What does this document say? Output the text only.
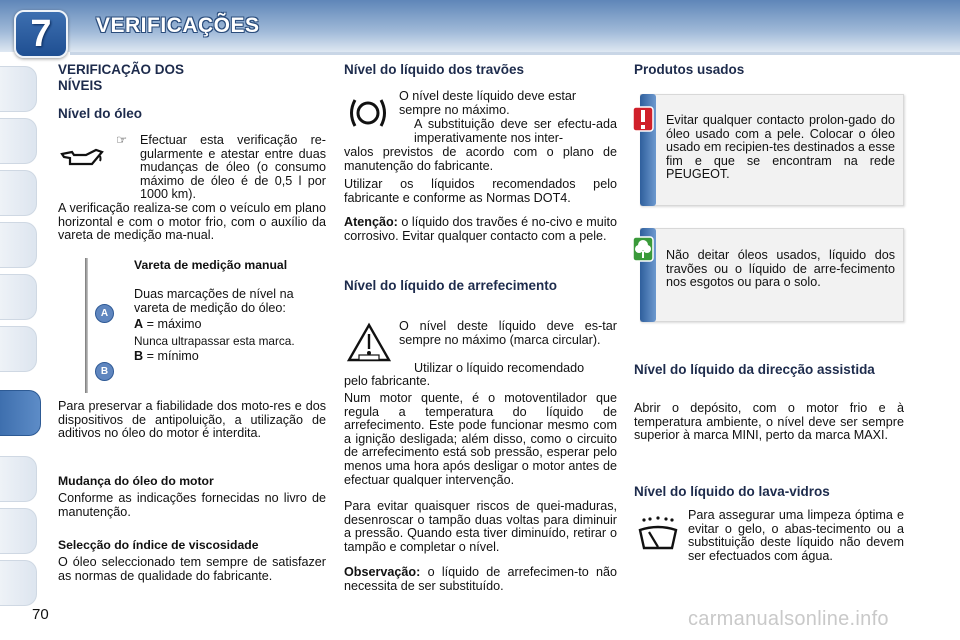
7	VERIFICAÇÕES
VERIFICAÇÃO DOS
NÍVEIS
Nível do óleo
☞ Efectuar esta verificação re-gularmente e atestar entre duas mudanças de óleo (o consumo máximo de óleo é de 0,5 l por 1000 km).
A verificação realiza-se com o veículo em plano horizontal e com o motor frio, com o auxílio da vareta de medição ma-nual.
A
B
Vareta de medição manual
Duas marcações de nível na vareta de medição do óleo:
A = máximo
Nunca ultrapassar esta marca.
B = mínimo
Para preservar a fiabilidade dos moto-res e dos dispositivos de antipoluição, a utilização de aditivos no óleo do motor é interdita.
Mudança do óleo do motor
Conforme as indicações fornecidas no livro de manutenção.
Selecção do índice de viscosidade
O óleo seleccionado tem sempre de satisfazer as normas de qualidade do fabricante.
Nível do líquido dos travões
O nível deste líquido deve estar sempre no máximo.
A substituição deve ser efectu-ada imperativamente nos inter-
valos previstos de acordo com o plano de manutenção do fabricante.
Utilizar os líquidos recomendados pelo fabricante e conforme as Normas DOT4.
Atenção: o líquido dos travões é no-civo e muito corrosivo. Evitar qualquer contacto com a pele.
Nível do líquido de arrefecimento
O nível deste líquido deve es-tar sempre no máximo (marca circular).
Utilizar o líquido recomendado
pelo fabricante.
Num motor quente, é o motoventilador que regula a temperatura do líquido de arrefecimento. Este pode funcionar mesmo com a ignição desligada; além disso, como o circuito de arrefecimento está sob pressão, esperar pelo menos uma hora após desligar o motor antes de efectuar qualquer intervenção.
Para evitar quaisquer riscos de quei-maduras, desenroscar o tampão duas voltas para diminuir a pressão. Quando esta tiver diminuído, retirar o tampão e completar o nível.
Observação: o líquido de arrefecimen-to não necessita de ser substituído.
Produtos usados
Evitar qualquer contacto prolon-gado do óleo usado com a pele. Colocar o óleo usado em recipien-tes destinados a esse fim e que se encontram na rede PEUGEOT.
Não deitar óleos usados, líquido dos travões ou o líquido de arre-fecimento nos esgotos ou para o solo.
Nível do líquido da direcção assistida
Abrir o depósito, com o motor frio e à temperatura ambiente, o nível deve ser sempre superior à marca MINI, perto da marca MAXI.
Nível do líquido do lava-vidros
Para assegurar uma limpeza óptima e evitar o gelo, o abas-tecimento ou a substituição deste líquido não devem ser efectuados com água.
70	carmanualsonline.info
